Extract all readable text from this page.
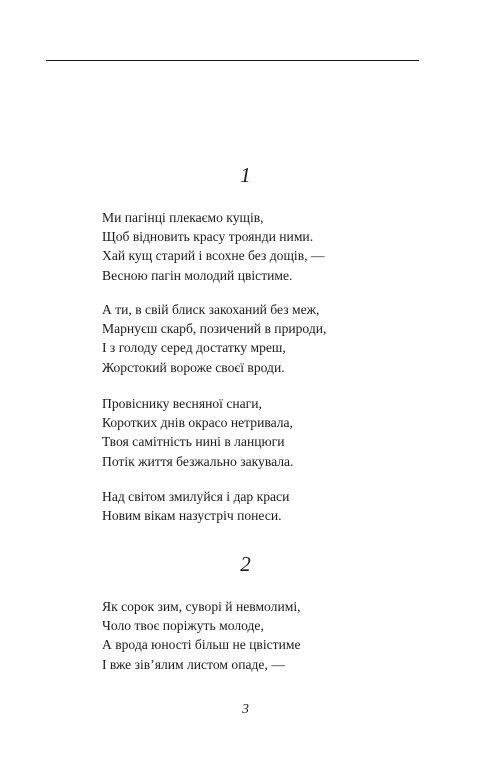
1
Ми пагінці плекаємо кущів,
Щоб відновить красу троянди ними.
Хай кущ старий і всохне без дощів, —
Весною пагін молодий цвістиме.
А ти, в свій блиск закоханий без меж,
Марнуєш скарб, позичений в природи,
І з голоду серед достатку мреш,
Жорстокий вороже своєї вроди.
Провіснику весняної снаги,
Коротких днів окрасо нетривала,
Твоя самітність нині в ланцюги
Потік життя безжально закувала.
Над світом змилуйся і дар краси
Новим вікам назустріч понеси.
2
Як сорок зим, суворі й невмолимі,
Чоло твоє поріжуть молоде,
А врода юності більш не цвістиме
І вже зів’ялим листом опаде, —
3
